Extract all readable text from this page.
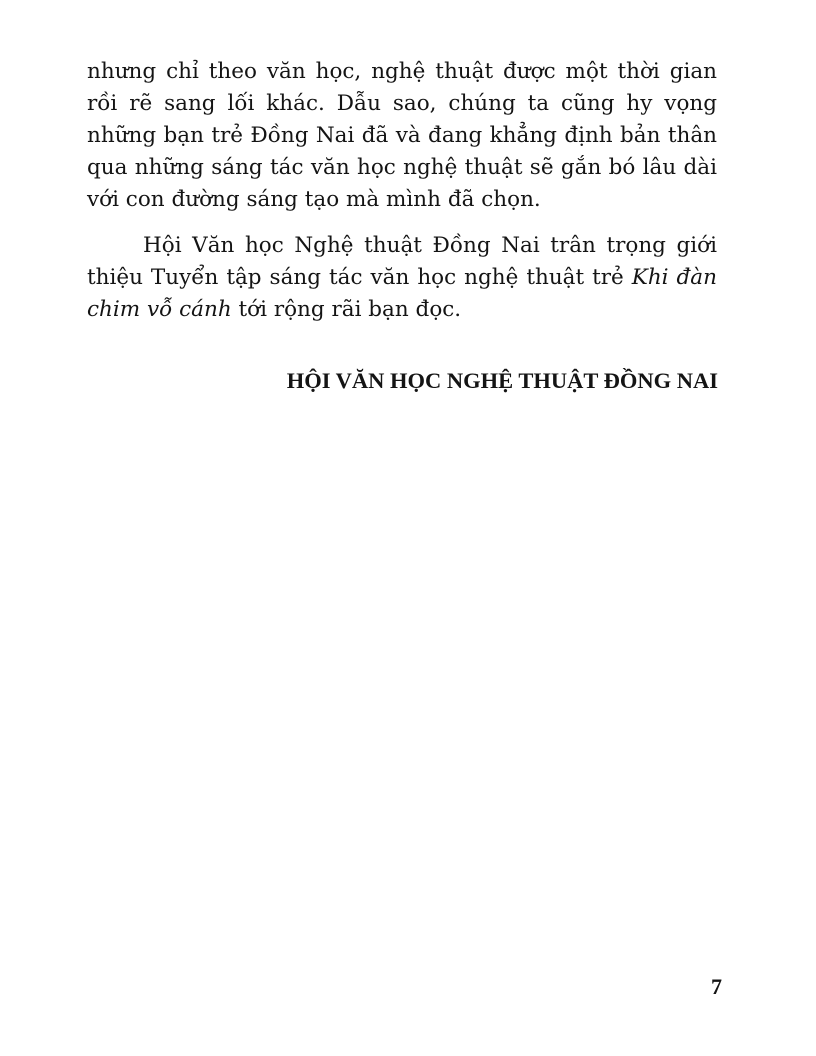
nhưng chỉ theo văn học, nghệ thuật được một thời gian
rồi rẽ sang lối khác. Dẫu sao, chúng ta cũng hy vọng
những bạn trẻ Đồng Nai đã và đang khẳng định bản thân
qua những sáng tác văn học nghệ thuật sẽ gắn bó lâu dài
với con đường sáng tạo mà mình đã chọn.
Hội Văn học Nghệ thuật Đồng Nai trân trọng giới
thiệu Tuyển tập sáng tác văn học nghệ thuật trẻ Khi đàn
chim vỗ cánh tới rộng rãi bạn đọc.
HỘI VĂN HỌC NGHỆ THUẬT ĐỒNG NAI
7
